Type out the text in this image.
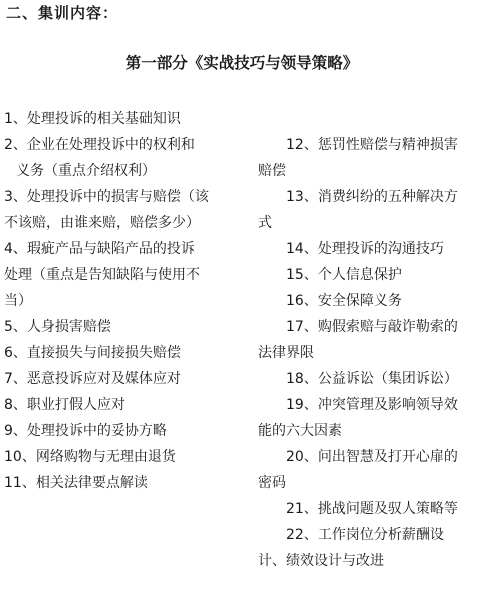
二、集训内容：
第一部分《实战技巧与领导策略》
1、处理投诉的相关基础知识
2、企业在处理投诉中的权利和
义务（重点介绍权利）
3、处理投诉中的损害与赔偿（该
不该赔，由谁来赔，赔偿多少）
4、瑕疵产品与缺陷产品的投诉
处理（重点是告知缺陷与使用不
当）
5、人身损害赔偿
6、直接损失与间接损失赔偿
7、恶意投诉应对及媒体应对
8、职业打假人应对
9、处理投诉中的妥协方略
10、网络购物与无理由退货
11、相关法律要点解读
12、惩罚性赔偿与精神损害
赔偿
13、消费纠纷的五种解决方
式
14、处理投诉的沟通技巧
15、个人信息保护
16、安全保障义务
17、购假索赔与敲诈勒索的
法律界限
18、公益诉讼（集团诉讼）
19、冲突管理及影响领导效
能的六大因素
20、问出智慧及打开心扉的
密码
21、挑战问题及驭人策略等
22、工作岗位分析薪酬设
计、绩效设计与改进
